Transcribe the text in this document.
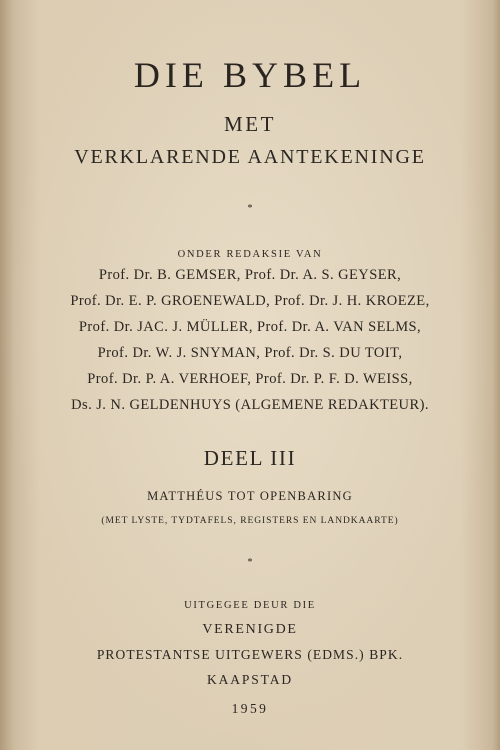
DIE BYBEL
MET
VERKLARENDE AANTEKENINGE
*
ONDER REDAKSIE VAN
Prof. Dr. B. GEMSER, Prof. Dr. A. S. GEYSER,
Prof. Dr. E. P. GROENEWALD, Prof. Dr. J. H. KROEZE,
Prof. Dr. JAC. J. MÜLLER, Prof. Dr. A. VAN SELMS,
Prof. Dr. W. J. SNYMAN, Prof. Dr. S. DU TOIT,
Prof. Dr. P. A. VERHOEF, Prof. Dr. P. F. D. WEISS,
Ds. J. N. GELDENHUYS (ALGEMENE REDAKTEUR).
DEEL III
MATTHÉUS TOT OPENBARING
(MET LYSTE, TYDTAFELS, REGISTERS EN LANDKAARTE)
*
UITGEGEE DEUR DIE
VERENIGDE
PROTESTANTSE UITGEWERS (EDMS.) BPK.
KAAPSTAD
1959
